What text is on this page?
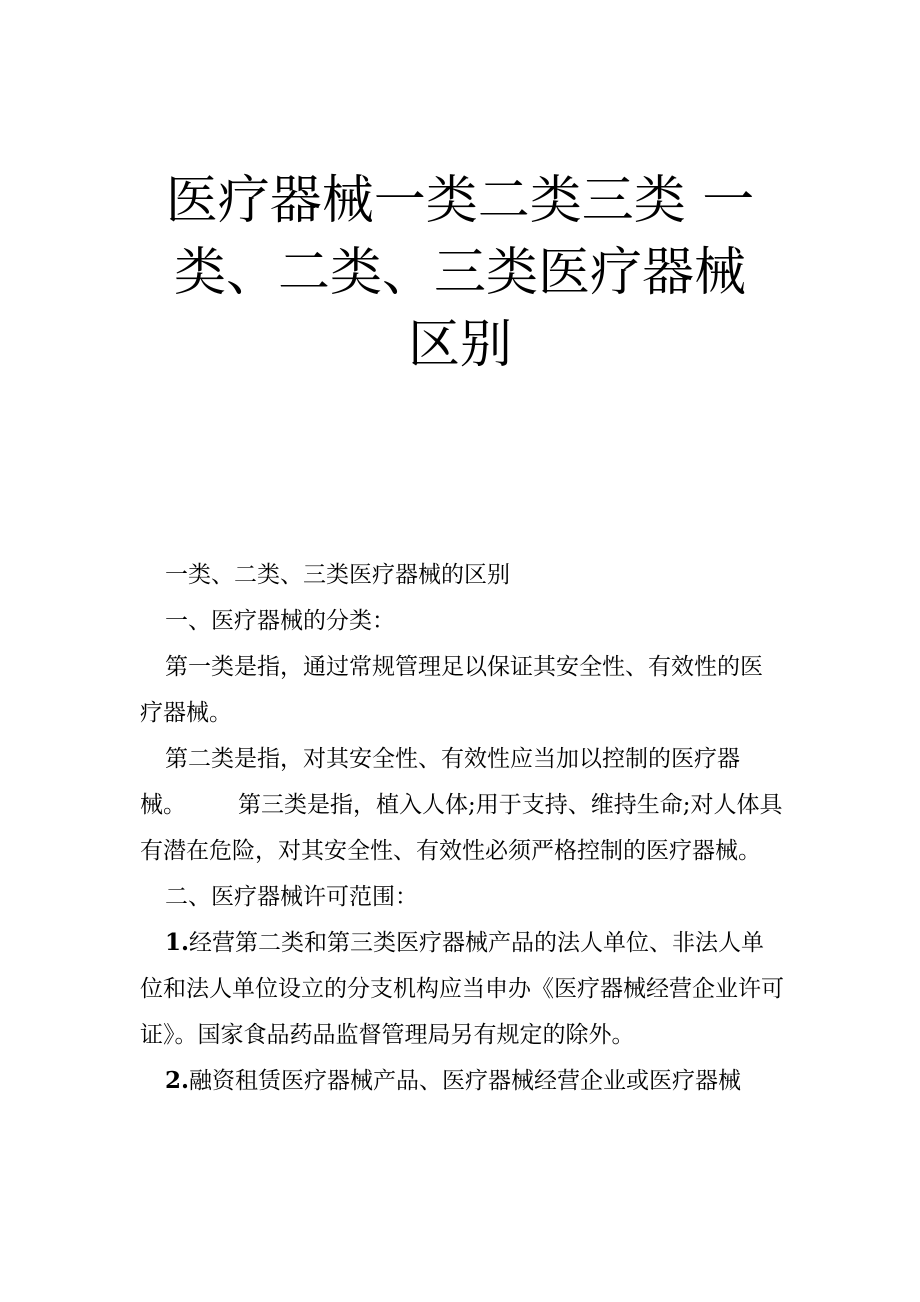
医疗器械一类二类三类 一
类、二类、三类医疗器械
区别

一类、二类、三类医疗器械的区别

一、医疗器械的分类：

第一类是指，通过常规管理足以保证其安全性、有效性的医疗器械。

第二类是指，对其安全性、有效性应当加以控制的医疗器械。 第三类是指，植入人体;用于支持、维持生命;对人体具有潜在危险，对其安全性、有效性必须严格控制的医疗器械。

二、医疗器械许可范围：

1.经营第二类和第三类医疗器械产品的法人单位、非法人单位和法人单位设立的分支机构应当申办《医疗器械经营企业许可证》。国家食品药品监督管理局另有规定的除外。

2.融资租赁医疗器械产品、医疗器械经营企业或医疗器械
